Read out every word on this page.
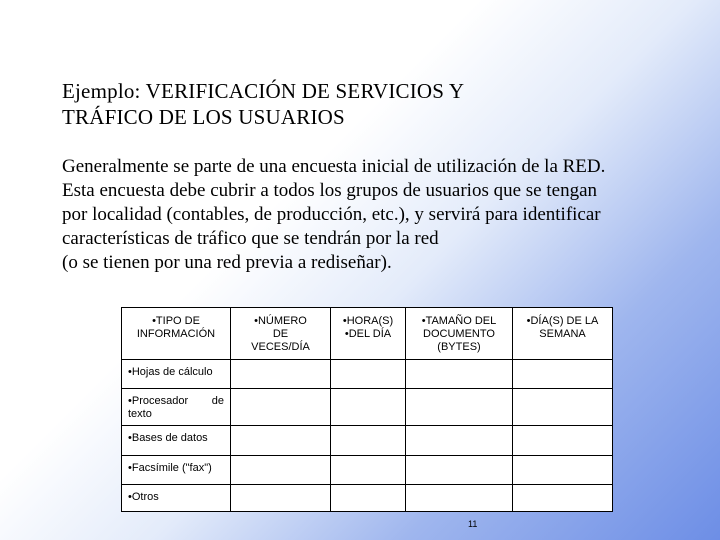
Ejemplo: VERIFICACIÓN DE SERVICIOS Y
TRÁFICO DE LOS USUARIOS
Generalmente se parte de una encuesta inicial de utilización de la RED.
Esta encuesta debe cubrir a todos los grupos de usuarios que se tengan
por localidad (contables, de producción, etc.), y servirá para identificar
características de tráfico que se tendrán por la red
(o se tienen por una red previa a rediseñar).
•TIPO DE INFORMACIÓN	•NÚMERO DE VECES/DÍA	•HORA(S) •DEL DÍA	•TAMAÑO DEL DOCUMENTO (BYTES)	•DÍA(S) DE LA SEMANA

•Hojas de cálculo				

•Procesador de texto				

•Bases de datos				
•Facsímile ("fax")				
•Otros				
11
